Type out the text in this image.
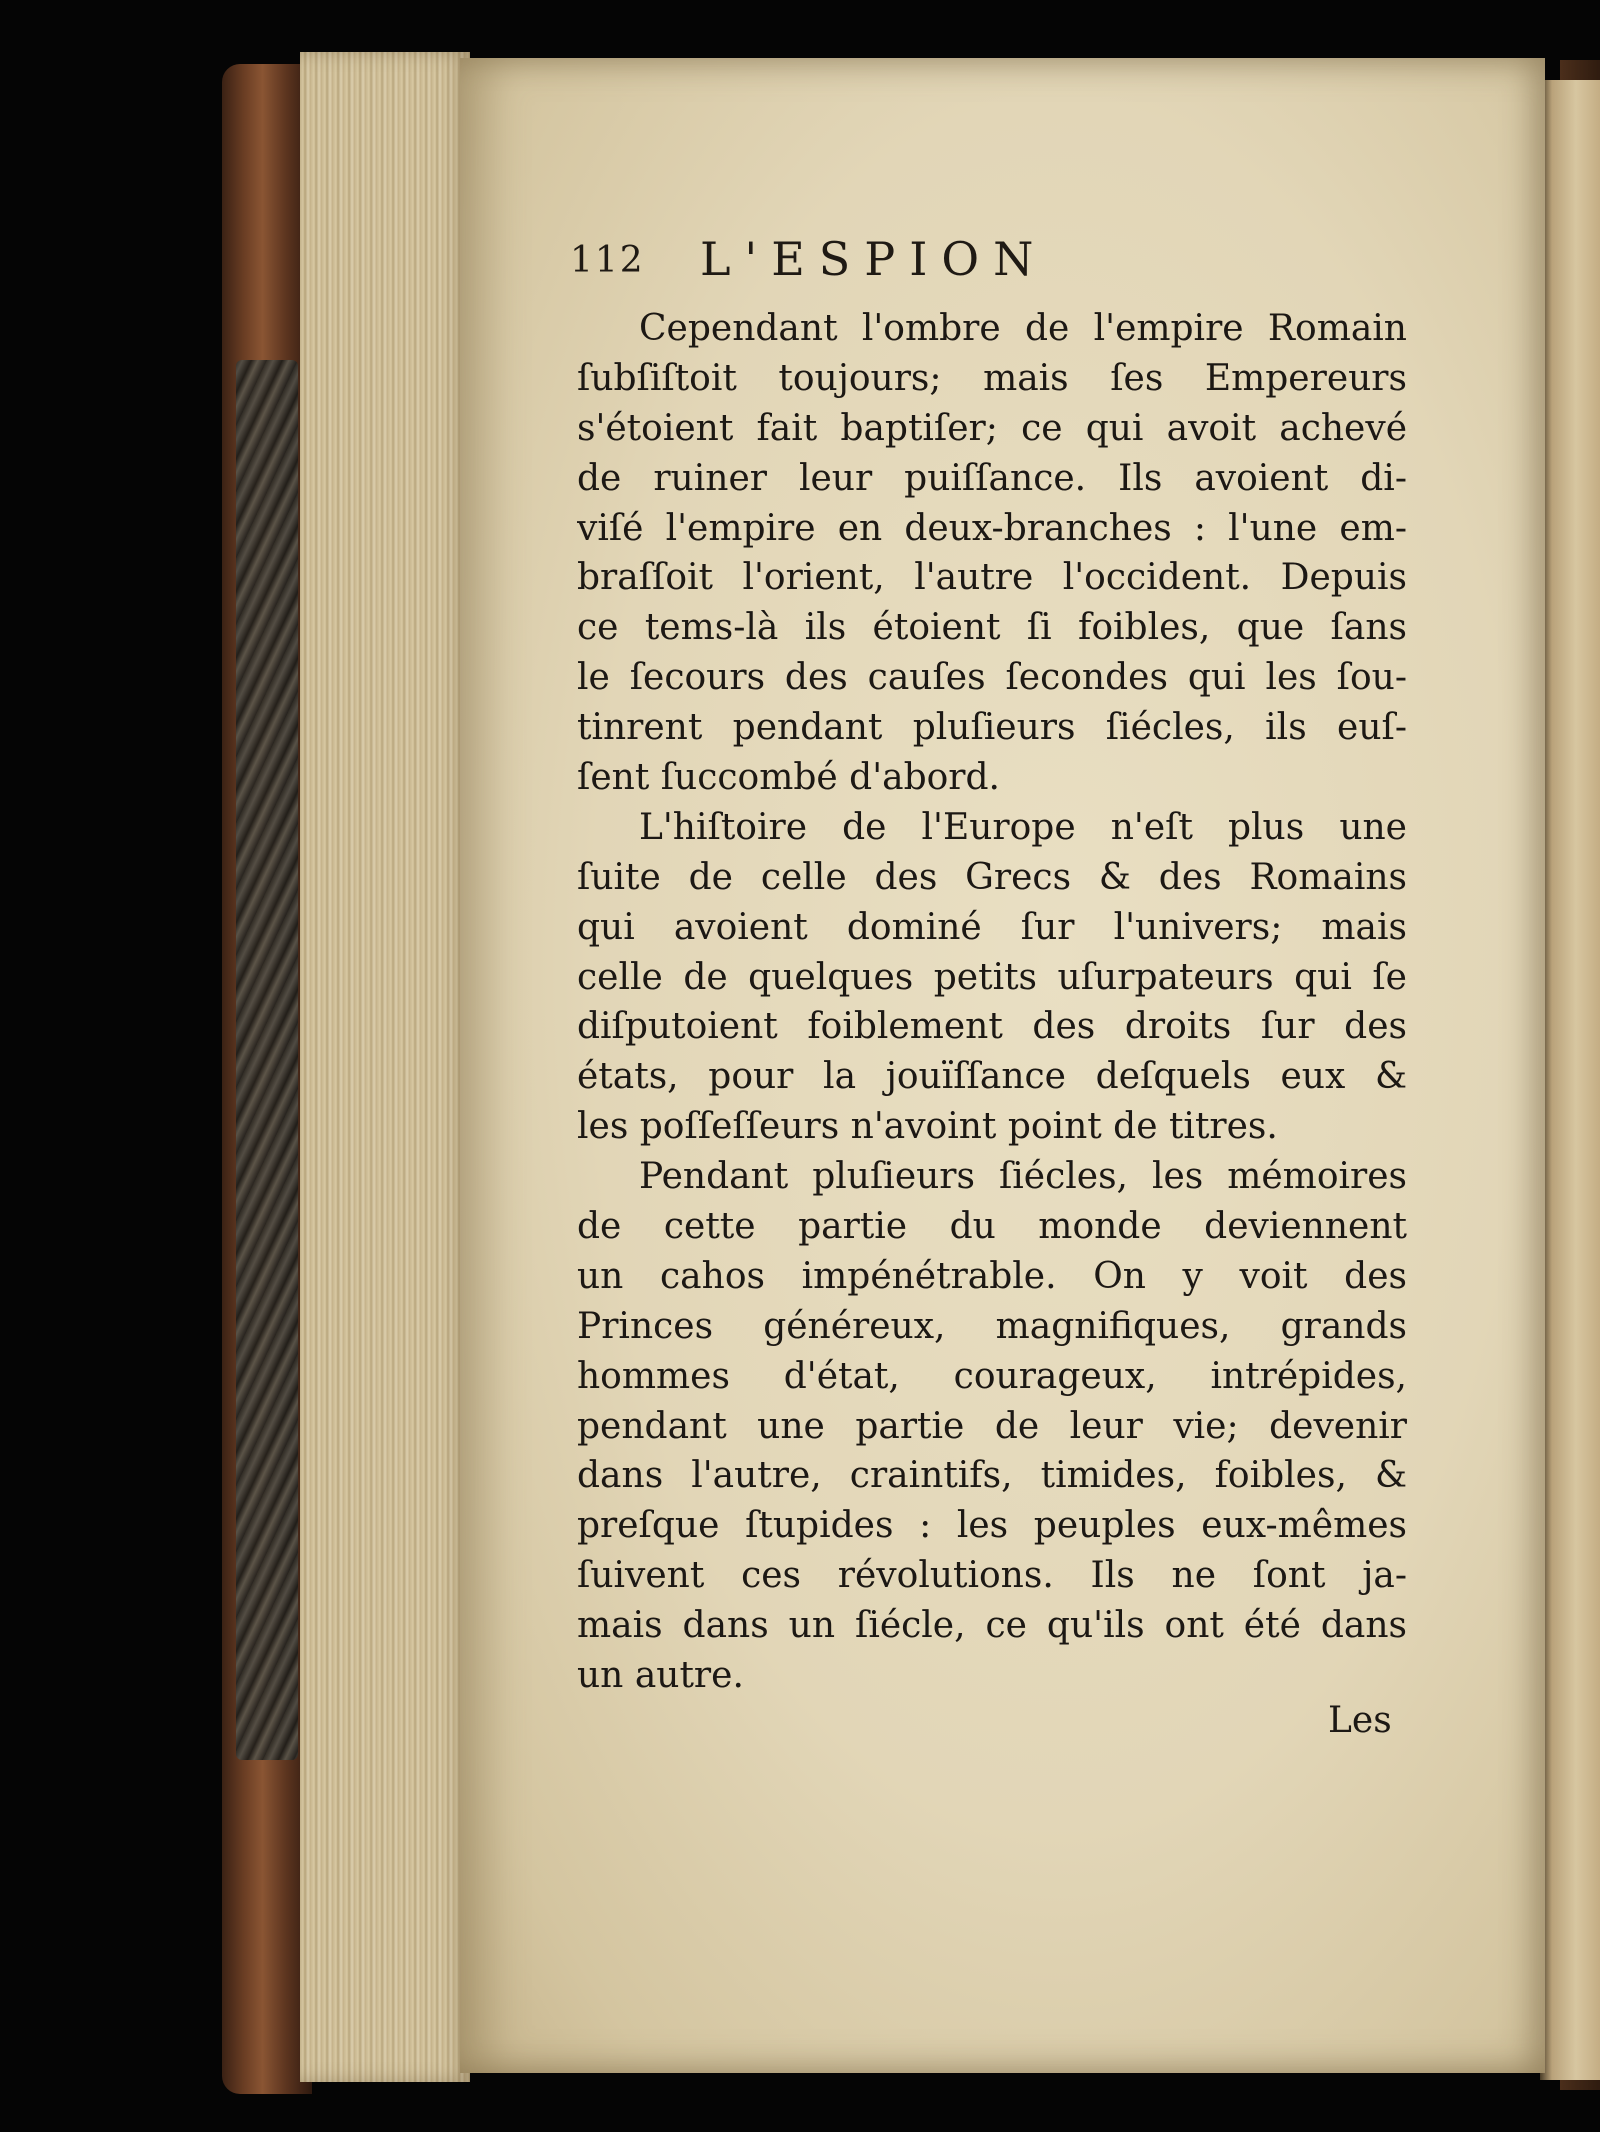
112 L'ESPION
Cependant l'ombre de l'empire Romain
ſubſiſtoit toujours; mais ſes Empereurs
s'étoient fait baptiſer; ce qui avoit achevé
de ruiner leur puiſſance. Ils avoient di-
viſé l'empire en deux-branches : l'une em-
braſſoit l'orient, l'autre l'occident. Depuis
ce tems-là ils étoient ſi foibles, que ſans
le ſecours des cauſes ſecondes qui les ſou-
tinrent pendant pluſieurs ſiécles, ils euſ-
ſent ſuccombé d'abord.
L'hiſtoire de l'Europe n'eſt plus une
ſuite de celle des Grecs & des Romains
qui avoient dominé ſur l'univers; mais
celle de quelques petits uſurpateurs qui ſe
diſputoient foiblement des droits ſur des
états, pour la jouïſſance deſquels eux &
les poſſeſſeurs n'avoint point de titres.
Pendant pluſieurs ſiécles, les mémoires
de cette partie du monde deviennent
un cahos impénétrable. On y voit des
Princes généreux, magnifiques, grands
hommes d'état, courageux, intrépides,
pendant une partie de leur vie; devenir
dans l'autre, craintifs, timides, foibles, &
preſque ſtupides : les peuples eux-mêmes
ſuivent ces révolutions. Ils ne ſont ja-
mais dans un ſiécle, ce qu'ils ont été dans
un autre.
Les
